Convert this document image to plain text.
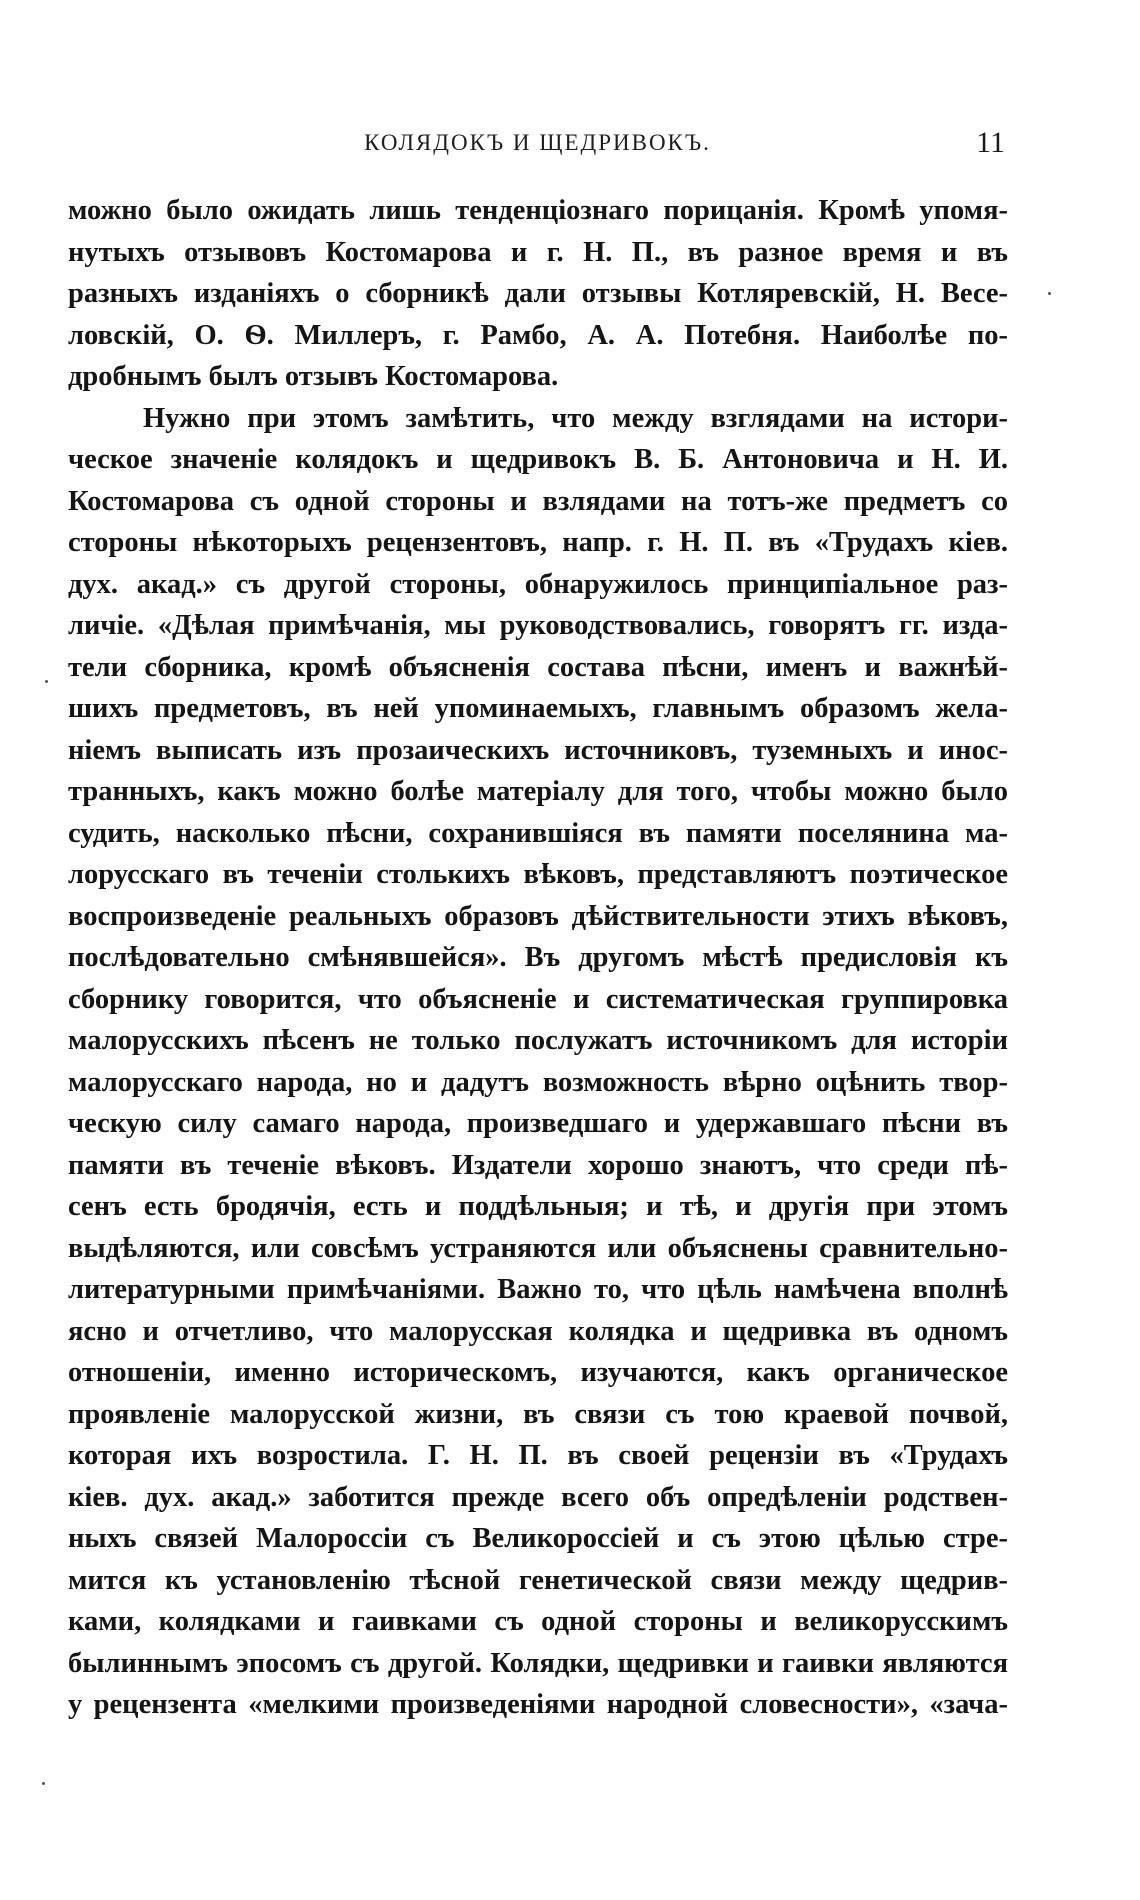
КОЛЯДОКЪ И ЩЕДРИВОКЪ.	11
можно было ожидать лишь тенденціознаго порицанія. Кромѣ упомя-
нутыхъ отзывовъ Костомарова и г. Н. П., въ разное время и въ
разныхъ изданіяхъ о сборникѣ дали отзывы Котляревскій, Н. Весе-
ловскій, О. Ѳ. Миллеръ, г. Рамбо, А. А. Потебня. Наиболѣе по-
дробнымъ былъ отзывъ Костомарова.
Нужно при этомъ замѣтить, что между взглядами на истори-
ческое значеніе колядокъ и щедривокъ В. Б. Антоновича и Н. И.
Костомарова съ одной стороны и взлядами на тотъ-же предметъ со
стороны нѣкоторыхъ рецензентовъ, напр. г. Н. П. въ «Трудахъ кiев.
дух. акад.» съ другой стороны, обнаружилось принципіальное раз-
личіе. «Дѣлая примѣчанія, мы руководствовались, говорятъ гг. изда-
тели сборника, кромѣ объясненія состава пѣсни, именъ и важнѣй-
шихъ предметовъ, въ ней упоминаемыхъ, главнымъ образомъ жела-
ніемъ выписать изъ прозаическихъ источниковъ, туземныхъ и инос-
транныхъ, какъ можно болѣе матеріалу для того, чтобы можно было
судить, насколько пѣсни, сохранившіяся въ памяти поселянина ма-
лорусскаго въ теченіи столькихъ вѣковъ, представляютъ поэтическое
воспроизведеніе реальныхъ образовъ дѣйствительности этихъ вѣковъ,
послѣдовательно смѣнявшейся». Въ другомъ мѣстѣ предисловія къ
сборнику говорится, что объясненіе и систематическая группировка
малорусскихъ пѣсенъ не только послужатъ источникомъ для исторіи
малорусскаго народа, но и дадутъ возможность вѣрно оцѣнить твор-
ческую силу самаго народа, произведшаго и удержавшаго пѣсни въ
памяти въ теченіе вѣковъ. Издатели хорошо знаютъ, что среди пѣ-
сенъ есть бродячія, есть и поддѣльныя; и тѣ, и другія при этомъ
выдѣляются, или совсѣмъ устраняются или объяснены сравнительно-
литературными примѣчаніями. Важно то, что цѣль намѣчена вполнѣ
ясно и отчетливо, что малорусская колядка и щедривка въ одномъ
отношеніи, именно историческомъ, изучаются, какъ органическое
проявленіе малорусской жизни, въ связи съ тою краевой почвой,
которая ихъ возростила. Г. Н. П. въ своей рецензіи въ «Трудахъ
кіев. дух. акад.» заботится прежде всего объ опредѣленіи родствен-
ныхъ связей Малороссіи съ Великороссіей и съ этою цѣлью стре-
мится къ установленію тѣсной генетической связи между щедрив-
ками, колядками и гаивками съ одной стороны и великорусскимъ
былиннымъ эпосомъ съ другой. Колядки, щедривки и гаивки являются
у рецензента «мелкими произведеніями народной словесности», «зача-
